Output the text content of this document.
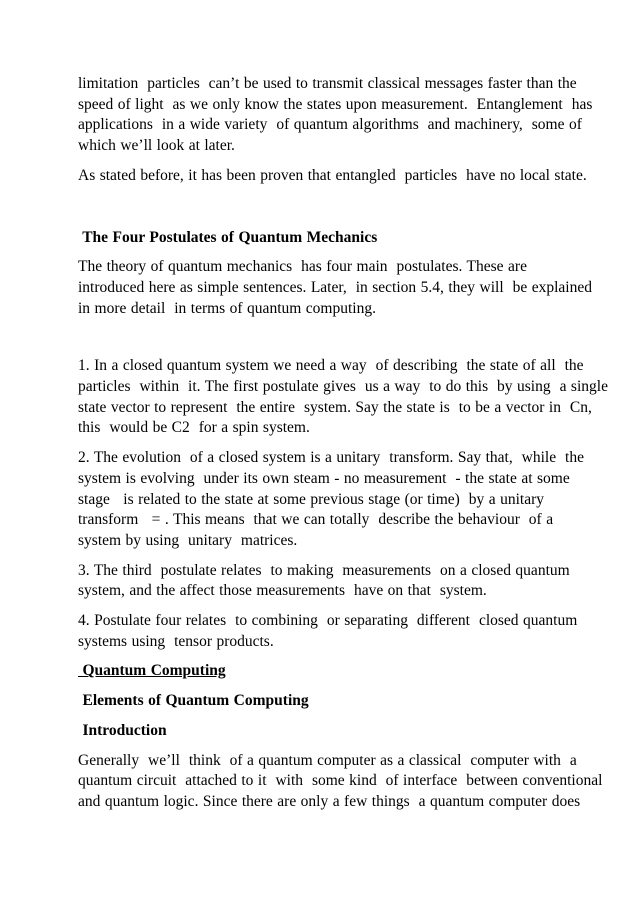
limitation  particles  can’t be used to transmit classical messages faster than the
speed of light  as we only know the states upon measurement.  Entanglement  has
applications  in a wide variety  of quantum algorithms  and machinery,  some of
which we’ll look at later.
As stated before, it has been proven that entangled  particles  have no local state.
The Four Postulates of Quantum Mechanics
The theory of quantum mechanics  has four main  postulates. These are
introduced here as simple sentences. Later,  in section 5.4, they will  be explained
in more detail  in terms of quantum computing.
1. In a closed quantum system we need a way  of describing  the state of all  the
particles  within  it. The first postulate gives  us a way  to do this  by using  a single
state vector to represent  the entire  system. Say the state is  to be a vector in  Cn,
this  would be C2  for a spin system.
2. The evolution  of a closed system is a unitary  transform. Say that,  while  the
system is evolving  under its own steam - no measurement  - the state at some
stage   is related to the state at some previous stage (or time)  by a unitary
transform   = . This means  that we can totally  describe the behaviour  of a
system by using  unitary  matrices.
3. The third  postulate relates  to making  measurements  on a closed quantum
system, and the affect those measurements  have on that  system.
4. Postulate four relates  to combining  or separating  different  closed quantum
systems using  tensor products.
Quantum Computing
Elements of Quantum Computing
Introduction
Generally  we’ll  think  of a quantum computer as a classical  computer with  a
quantum circuit  attached to it  with  some kind  of interface  between conventional
and quantum logic. Since there are only a few things  a quantum computer does
